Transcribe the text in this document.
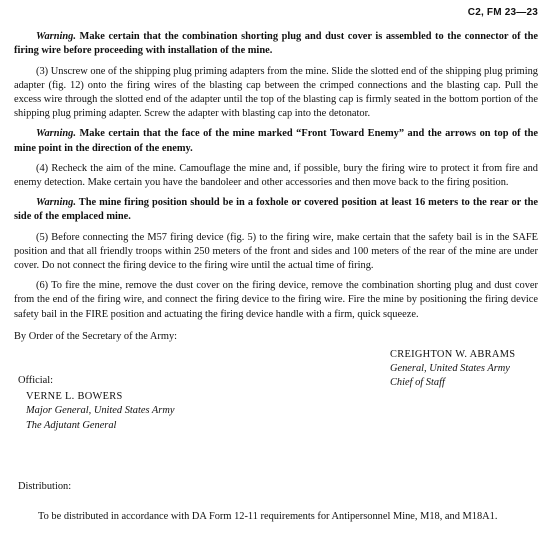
C2, FM 23—23

Warning. Make certain that the combination shorting plug and dust cover is assembled to the connector of the firing wire before proceeding with installation of the mine.

(3) Unscrew one of the shipping plug priming adapters from the mine. Slide the slotted end of the shipping plug priming adapter (fig. 12) onto the firing wires of the blasting cap between the crimped connections and the blasting cap. Pull the excess wire through the slotted end of the adapter until the top of the blasting cap is firmly seated in the bottom portion of the shipping plug priming adapter. Screw the adapter with blasting cap into the detonator.

Warning. Make certain that the face of the mine marked “Front Toward Enemy” and the arrows on top of the mine point in the direction of the enemy.

(4) Recheck the aim of the mine. Camouflage the mine and, if possible, bury the firing wire to protect it from fire and enemy detection. Make certain you have the bandoleer and other accessories and then move back to the firing position.

Warning. The mine firing position should be in a foxhole or covered position at least 16 meters to the rear or the side of the emplaced mine.

(5) Before connecting the M57 firing device (fig. 5) to the firing wire, make certain that the safety bail is in the SAFE position and that all friendly troops within 250 meters of the front and sides and 100 meters of the rear of the mine are under cover. Do not connect the firing device to the firing wire until the actual time of firing.

(6) To fire the mine, remove the dust cover on the firing device, remove the combination shorting plug and dust cover from the end of the firing wire, and connect the firing device to the firing wire. Fire the mine by positioning the firing device safety bail in the FIRE position and actuating the firing device handle with a firm, quick squeeze.

By Order of the Secretary of the Army:
CREIGHTON W. ABRAMS
General, United States Army
Chief of Staff
Official:
VERNE L. BOWERS
Major General, United States Army
The Adjutant General
Distribution:
To be distributed in accordance with DA Form 12-11 requirements for Antipersonnel Mine, M18, and M18A1.
